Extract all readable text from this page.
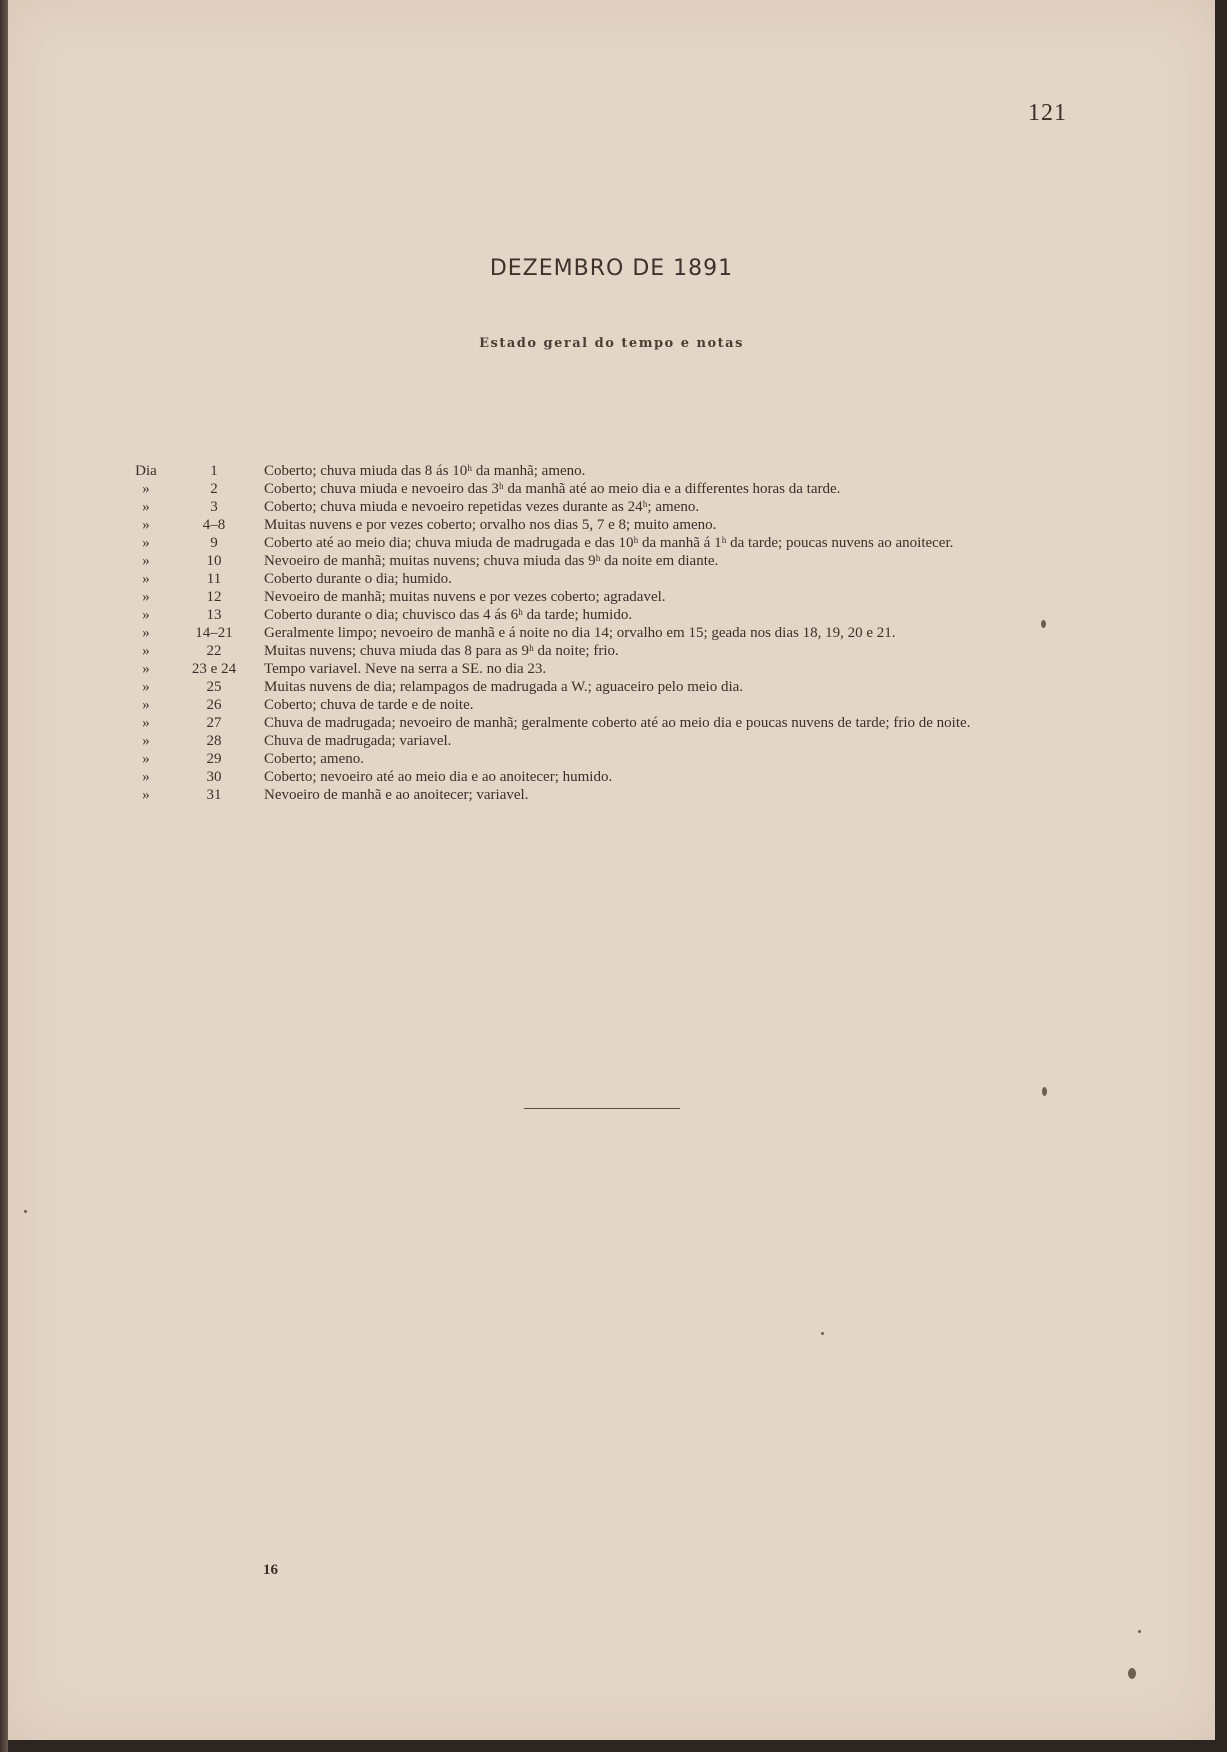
121
DEZEMBRO DE 1891
Estado geral do tempo e notas
Dia	1	Coberto; chuva miuda das 8 ás 10ʰ da manhã; ameno.
»	2	Coberto; chuva miuda e nevoeiro das 3ʰ da manhã até ao meio dia e a differentes horas da tarde.
»	3	Coberto; chuva miuda e nevoeiro repetidas vezes durante as 24ʰ; ameno.
»	4–8	Muitas nuvens e por vezes coberto; orvalho nos dias 5, 7 e 8; muito ameno.
»	9	Coberto até ao meio dia; chuva miuda de madrugada e das 10ʰ da manhã á 1ʰ da tarde; poucas nuvens ao anoitecer.
»	10	Nevoeiro de manhã; muitas nuvens; chuva miuda das 9ʰ da noite em diante.
»	11	Coberto durante o dia; humido.
»	12	Nevoeiro de manhã; muitas nuvens e por vezes coberto; agradavel.
»	13	Coberto durante o dia; chuvisco das 4 ás 6ʰ da tarde; humido.
»	14–21	Geralmente limpo; nevoeiro de manhã e á noite no dia 14; orvalho em 15; geada nos dias 18, 19, 20 e 21.
»	22	Muitas nuvens; chuva miuda das 8 para as 9ʰ da noite; frio.
»	23 e 24	Tempo variavel. Neve na serra a SE. no dia 23.
»	25	Muitas nuvens de dia; relampagos de madrugada a W.; aguaceiro pelo meio dia.
»	26	Coberto; chuva de tarde e de noite.
»	27	Chuva de madrugada; nevoeiro de manhã; geralmente coberto até ao meio dia e poucas nuvens de tarde; frio de noite.
»	28	Chuva de madrugada; variavel.
»	29	Coberto; ameno.
»	30	Coberto; nevoeiro até ao meio dia e ao anoitecer; humido.
»	31	Nevoeiro de manhã e ao anoitecer; variavel.
16
